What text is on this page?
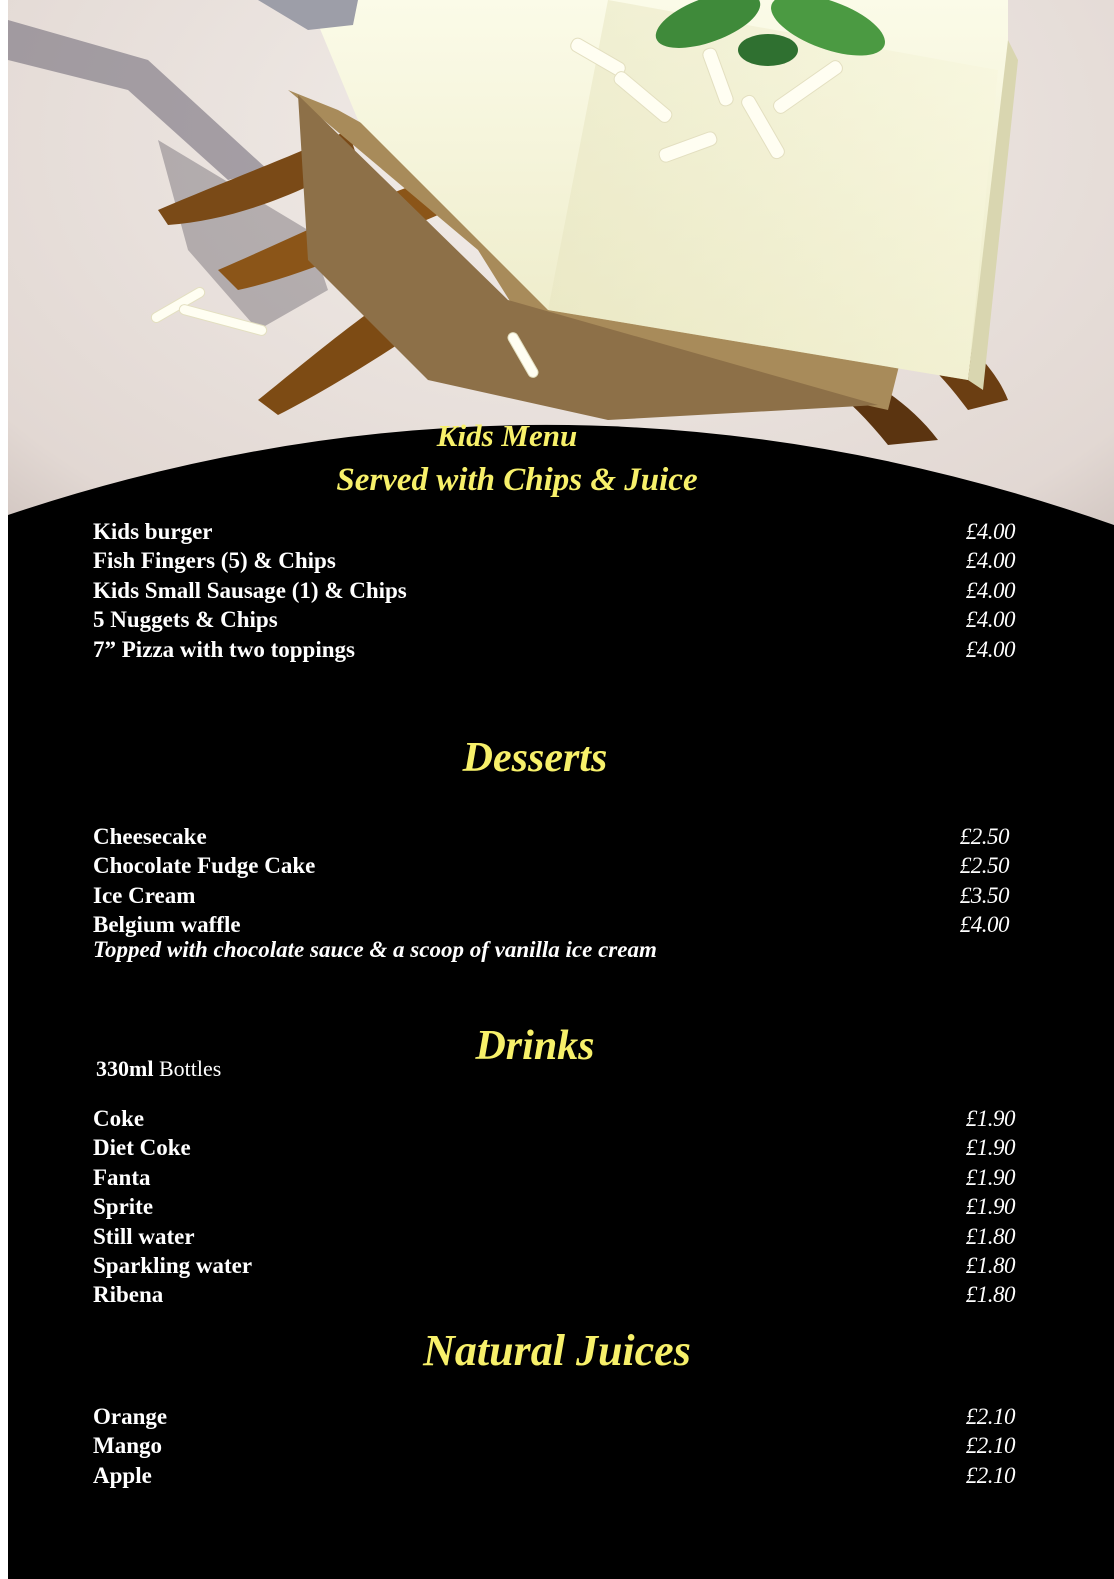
Kids Menu
Served with Chips & Juice
Kids burger	£4.00
Fish Fingers (5) & Chips	£4.00
Kids Small Sausage (1) & Chips	£4.00
5 Nuggets & Chips	£4.00
7” Pizza with two toppings	£4.00
Desserts
Cheesecake	£2.50
Chocolate Fudge Cake	£2.50
Ice Cream	£3.50
Belgium waffle	£4.00
Topped with chocolate sauce & a scoop of vanilla ice cream
Drinks
330ml Bottles
Coke	£1.90
Diet Coke	£1.90
Fanta	£1.90
Sprite	£1.90
Still water	£1.80
Sparkling water	£1.80
Ribena	£1.80
Natural Juices
Orange	£2.10
Mango	£2.10
Apple	£2.10
